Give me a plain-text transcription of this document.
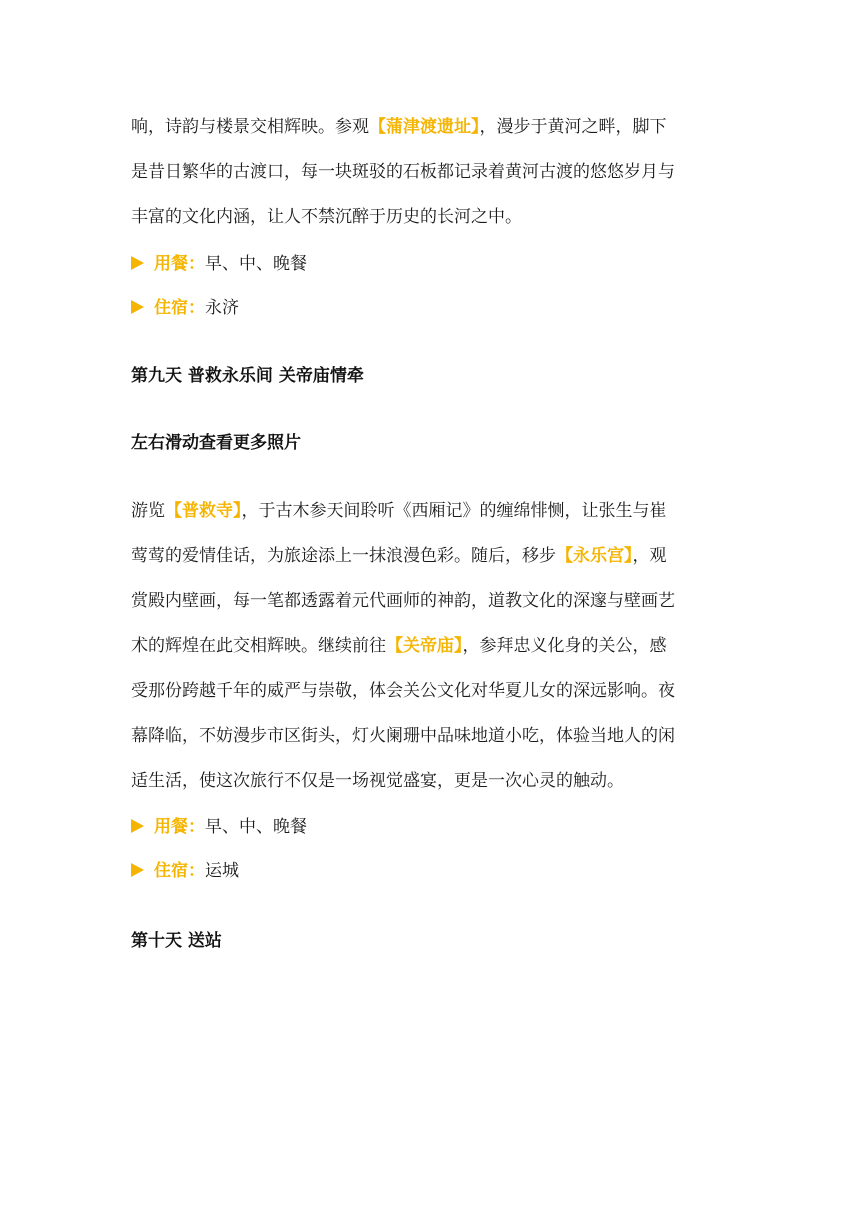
响，诗韵与楼景交相辉映。参观【蒲津渡遗址】，漫步于黄河之畔，脚下
是昔日繁华的古渡口，每一块斑驳的石板都记录着黄河古渡的悠悠岁月与
丰富的文化内涵，让人不禁沉醉于历史的长河之中。

用餐：早、中、晚餐
住宿：永济
第九天 普救永乐间 关帝庙情牵
左右滑动查看更多照片

游览【普救寺】，于古木参天间聆听《西厢记》的缠绵悱恻，让张生与崔
莺莺的爱情佳话，为旅途添上一抹浪漫色彩。随后，移步【永乐宫】，观
赏殿内壁画，每一笔都透露着元代画师的神韵，道教文化的深邃与壁画艺
术的辉煌在此交相辉映。继续前往【关帝庙】，参拜忠义化身的关公，感
受那份跨越千年的威严与崇敬，体会关公文化对华夏儿女的深远影响。夜
幕降临，不妨漫步市区街头，灯火阑珊中品味地道小吃，体验当地人的闲
适生活，使这次旅行不仅是一场视觉盛宴，更是一次心灵的触动。

用餐：早、中、晚餐
住宿：运城
第十天 送站
